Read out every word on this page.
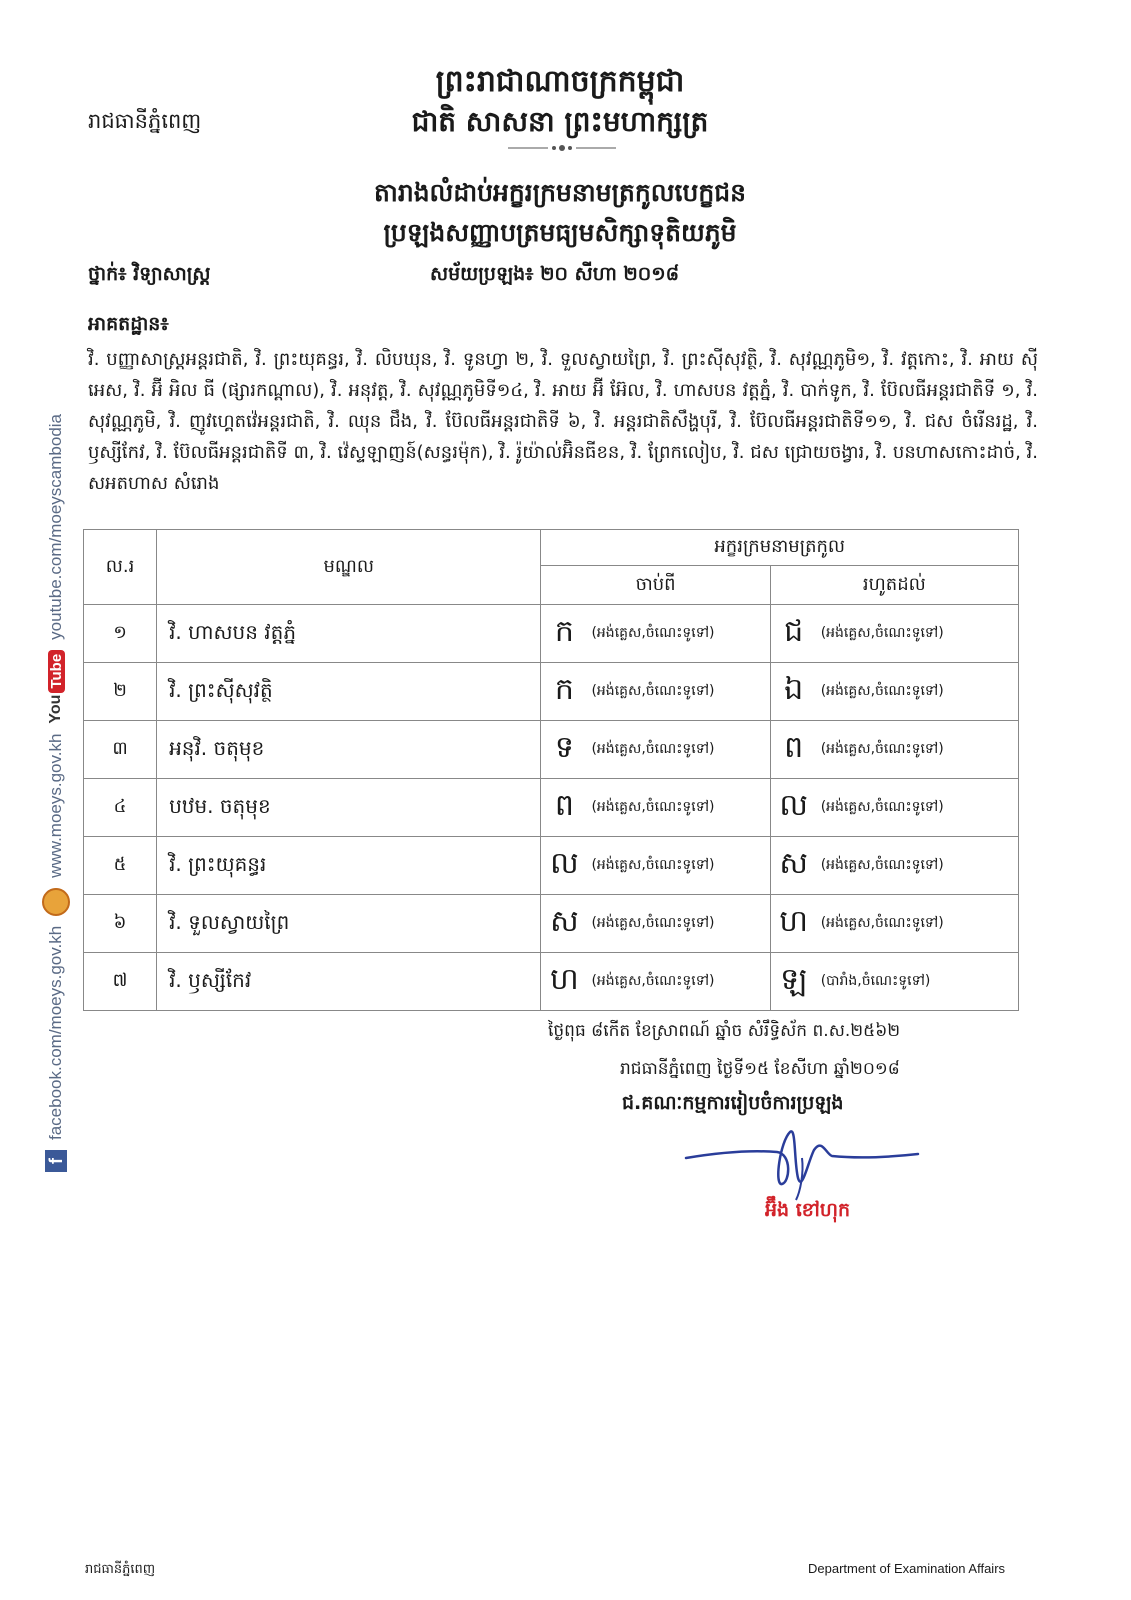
ព្រះរាជាណាចក្រកម្ពុជា
ជាតិ សាសនា ព្រះមហាក្សត្រ
រាជធានីភ្នំពេញ
តារាងលំដាប់អក្ខរក្រមនាមត្រកូលបេក្ខជន
ប្រឡងសញ្ញាបត្រមធ្យមសិក្សាទុតិយភូមិ
ថ្នាក់៖ វិទ្យាសាស្ត្រ	សម័យប្រឡង៖ ២០ សីហា ២០១៨
អាគតដ្ឋាន៖
វិ. បញ្ញាសាស្ត្រអន្តរជាតិ, វិ. ព្រះយុគន្ធរ, វិ. លិបឃុន, វិ. ទូនហ្វា ២, វិ. ទួលស្វាយព្រៃ, វិ. ព្រះស៊ីសុវត្ថិ, វិ. សុវណ្ណភូមិ១, វិ. វត្តកោះ, វិ. អាយ ស៊ី អេស, វិ. អ៊ី អិល ធី (ផ្សារកណ្ដាល), វិ. អនុវត្ត, វិ. សុវណ្ណភូមិទី១៤, វិ. អាយ អ៊ី អ៊ែល, វិ. ហាសបន វត្តភ្នំ, វិ. បាក់ទូក, វិ. ប៊ែលធីអន្តរជាតិទី ១, វិ. សុវណ្ណភូមិ, វិ. ញូវហ្គេតវ៉េអន្តរជាតិ, វិ. ឈុន ជឹង, វិ. ប៊ែលធីអន្តរជាតិទី ៦, វិ. អន្តរជាតិសឹង្ហបុរី, វិ. ប៊ែលធីអន្តរជាតិទី១១, វិ. ជស ចំរើនរដ្ឋ, វិ. ឫស្សីកែវ, វិ. ប៊ែលធីអន្តរជាតិទី ៣, វិ. វ៉េស្ទឡាញន៍(សន្ធរម៉ុក), វិ. រ៉ូយ៉ាល់អ៊ិនធីខន, វិ. ព្រែកលៀប, វិ. ជស ជ្រោយចង្វារ, វិ. បនហាសកោះដាច់, វិ. សអតហាស សំរោង
ល.រ	មណ្ឌល	អក្ខរក្រមនាមត្រកូល	
		ចាប់ពី	រហូតដល់
១	វិ. ហាសបន វត្តភ្នំ	ក (អង់គ្លេស,ចំណេះទូទៅ)	ជ (អង់គ្លេស,ចំណេះទូទៅ)

២	វិ. ព្រះស៊ីសុវត្ថិ	ក (អង់គ្លេស,ចំណេះទូទៅ)	ឯ (អង់គ្លេស,ចំណេះទូទៅ)

៣	អនុវិ. ចតុមុខ	ទ (អង់គ្លេស,ចំណេះទូទៅ)	ព (អង់គ្លេស,ចំណេះទូទៅ)

៤	បឋម. ចតុមុខ	ព (អង់គ្លេស,ចំណេះទូទៅ)	ល (អង់គ្លេស,ចំណេះទូទៅ)

៥	វិ. ព្រះយុគន្ធរ	ល (អង់គ្លេស,ចំណេះទូទៅ)	ស (អង់គ្លេស,ចំណេះទូទៅ)

៦	វិ. ទួលស្វាយព្រៃ	ស (អង់គ្លេស,ចំណេះទូទៅ)	ហ (អង់គ្លេស,ចំណេះទូទៅ)

៧	វិ. ឫស្សីកែវ	ហ (អង់គ្លេស,ចំណេះទូទៅ)	ឡ (បារាំង,ចំណេះទូទៅ)
ថ្ងៃពុធ ៨កើត ខែស្រាពណ៍ ឆ្នាំច សំរឹទ្ធិស័ក ព.ស.២៥៦២
រាជធានីភ្នំពេញ ថ្ងៃទី១៥ ខែសីហា ឆ្នាំ២០១៨
ជ.គណៈកម្មការរៀបចំការប្រឡង
អ៊ឹង ខៅហុក
f
facebook.com/moeys.gov.kh
www.moeys.gov.kh
You
Tube
youtube.com/moeyscambodia
រាជធានីភ្នំពេញ	Department of Examination Affairs
